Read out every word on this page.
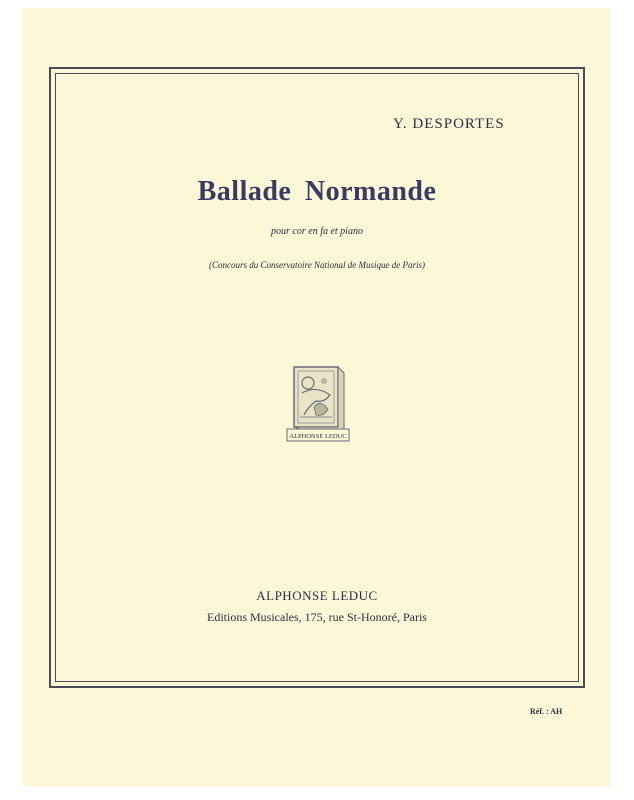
Y. DESPORTES
Ballade Normande
pour cor en fa et piano
(Concours du Conservatoire National de Musique de Paris)
ALPHONSE LEDUC
ALPHONSE LEDUC
Editions Musicales, 175, rue St-Honoré, Paris
Réf. : AH
